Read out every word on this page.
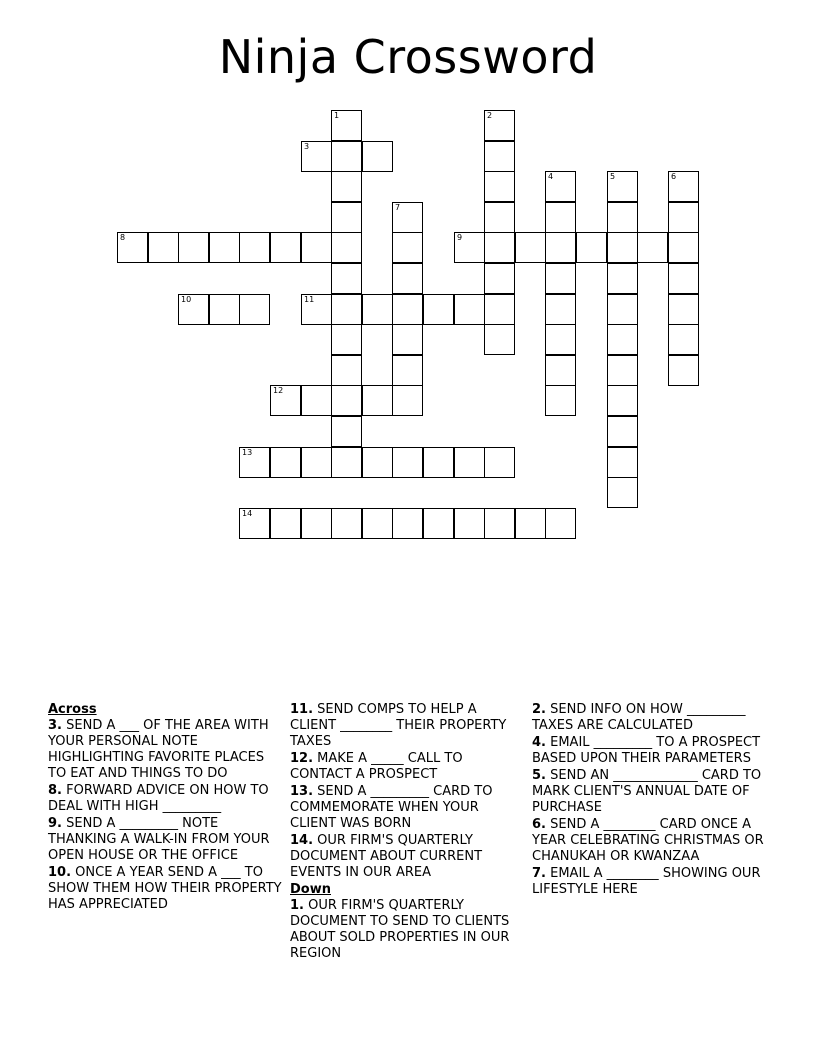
Ninja Crossword
1	2
3
4	5	6
7
8	9
10	11
12
13
14
Across
3. SEND A ___ OF THE AREA WITH YOUR PERSONAL NOTE HIGHLIGHTING FAVORITE PLACES TO EAT AND THINGS TO DO
8. FORWARD ADVICE ON HOW TO DEAL WITH HIGH _________
9. SEND A _________ NOTE THANKING A WALK-IN FROM YOUR OPEN HOUSE OR THE OFFICE
10. ONCE A YEAR SEND A ___ TO SHOW THEM HOW THEIR PROPERTY HAS APPRECIATED
11. SEND COMPS TO HELP A CLIENT ________ THEIR PROPERTY TAXES
12. MAKE A _____ CALL TO CONTACT A PROSPECT
13. SEND A _________ CARD TO COMMEMORATE WHEN YOUR CLIENT WAS BORN
14. OUR FIRM'S QUARTERLY DOCUMENT ABOUT CURRENT EVENTS IN OUR AREA
Down
1. OUR FIRM'S QUARTERLY DOCUMENT TO SEND TO CLIENTS ABOUT SOLD PROPERTIES IN OUR REGION
2. SEND INFO ON HOW _________ TAXES ARE CALCULATED
4. EMAIL _________ TO A PROSPECT BASED UPON THEIR PARAMETERS
5. SEND AN _____________ CARD TO MARK CLIENT'S ANNUAL DATE OF PURCHASE
6. SEND A ________ CARD ONCE A YEAR CELEBRATING CHRISTMAS OR CHANUKAH OR KWANZAA
7. EMAIL A ________ SHOWING OUR LIFESTYLE HERE
